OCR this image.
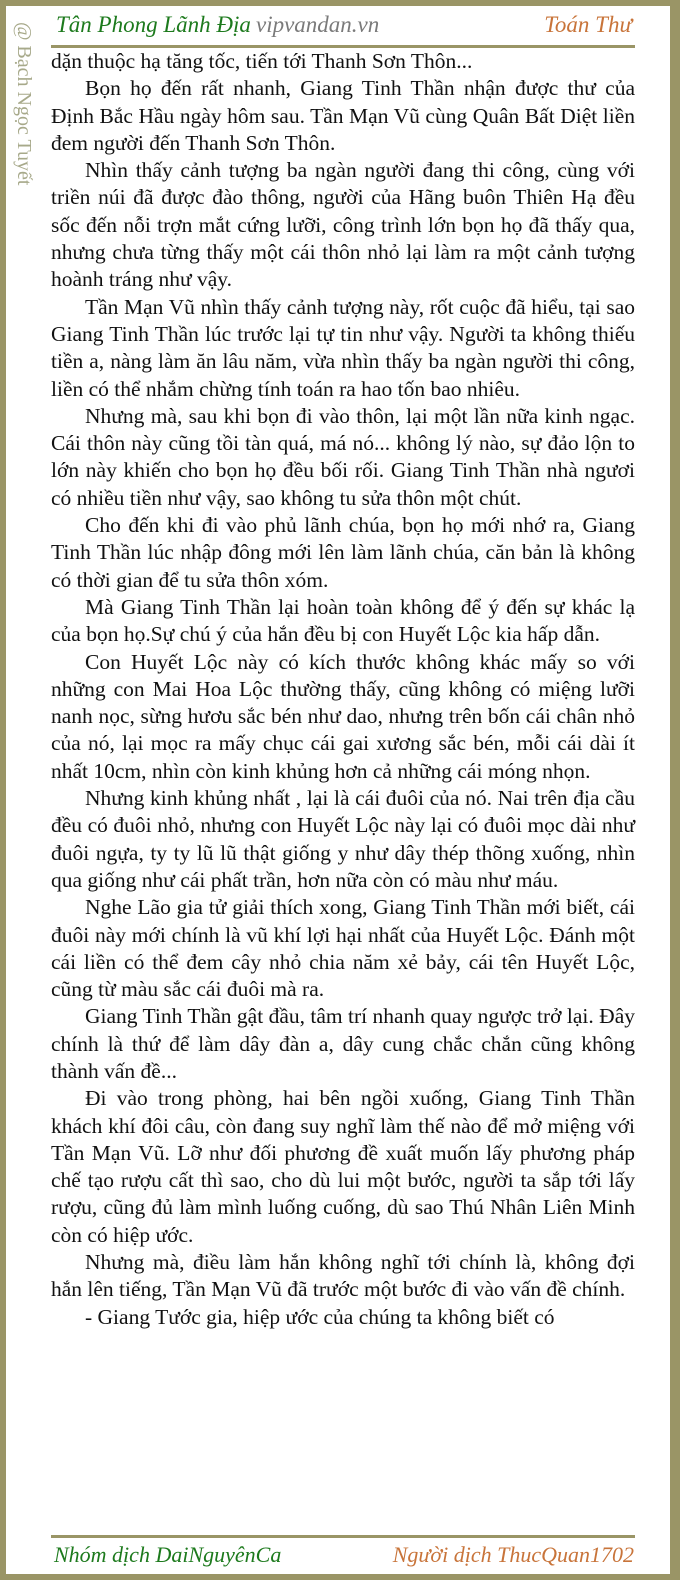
Tân Phong Lãnh Địa vipvandan.vn	Toán Thư
@ Bạch Ngọc Tuyết dặn thuộc hạ tăng tốc, tiến tới Thanh Sơn Thôn...

Bọn họ đến rất nhanh, Giang Tinh Thần nhận được thư của Định Bắc Hầu ngày hôm sau. Tần Mạn Vũ cùng Quân Bất Diệt liền đem người đến Thanh Sơn Thôn.

Nhìn thấy cảnh tượng ba ngàn người đang thi công, cùng với triền núi đã được đào thông, người của Hãng buôn Thiên Hạ đều sốc đến nỗi trợn mắt cứng lưỡi, công trình lớn bọn họ đã thấy qua, nhưng chưa từng thấy một cái thôn nhỏ lại làm ra một cảnh tượng hoành tráng như vậy.

Tần Mạn Vũ nhìn thấy cảnh tượng này, rốt cuộc đã hiểu, tại sao Giang Tinh Thần lúc trước lại tự tin như vậy. Người ta không thiếu tiền a, nàng làm ăn lâu năm, vừa nhìn thấy ba ngàn người thi công, liền có thể nhắm chừng tính toán ra hao tốn bao nhiêu.

Nhưng mà, sau khi bọn đi vào thôn, lại một lần nữa kinh ngạc. Cái thôn này cũng tồi tàn quá, má nó... không lý nào, sự đảo lộn to lớn này khiến cho bọn họ đều bối rối. Giang Tinh Thần nhà ngươi có nhiều tiền như vậy, sao không tu sửa thôn một chút.

Cho đến khi đi vào phủ lãnh chúa, bọn họ mới nhớ ra, Giang Tinh Thần lúc nhập đông mới lên làm lãnh chúa, căn bản là không có thời gian để tu sửa thôn xóm.

Mà Giang Tinh Thần lại hoàn toàn không để ý đến sự khác lạ của bọn họ.Sự chú ý của hắn đều bị con Huyết Lộc kia hấp dẫn.

Con Huyết Lộc này có kích thước không khác mấy so với những con Mai Hoa Lộc thường thấy, cũng không có miệng lưỡi nanh nọc, sừng hươu sắc bén như dao, nhưng trên bốn cái chân nhỏ của nó, lại mọc ra mấy chục cái gai xương sắc bén, mỗi cái dài ít nhất 10cm, nhìn còn kinh khủng hơn cả những cái móng nhọn.

Nhưng kinh khủng nhất , lại là cái đuôi của nó. Nai trên địa cầu đều có đuôi nhỏ, nhưng con Huyết Lộc này lại có đuôi mọc dài như đuôi ngựa, ty ty lũ lũ thật giống y như dây thép thõng xuống, nhìn qua giống như cái phất trần, hơn nữa còn có màu như máu.

Nghe Lão gia tử giải thích xong, Giang Tinh Thần mới biết, cái đuôi này mới chính là vũ khí lợi hại nhất của Huyết Lộc. Đánh một cái liền có thể đem cây nhỏ chia năm xẻ bảy, cái tên Huyết Lộc, cũng từ màu sắc cái đuôi mà ra.

Giang Tinh Thần gật đầu, tâm trí nhanh quay ngược trở lại. Đây chính là thứ để làm dây đàn a, dây cung chắc chắn cũng không thành vấn đề...

Đi vào trong phòng, hai bên ngồi xuống, Giang Tinh Thần khách khí đôi câu, còn đang suy nghĩ làm thế nào để mở miệng với Tần Mạn Vũ. Lỡ như đối phương đề xuất muốn lấy phương pháp chế tạo rượu cất thì sao, cho dù lui một bước, người ta sắp tới lấy rượu, cũng đủ làm mình luống cuống, dù sao Thú Nhân Liên Minh còn có hiệp ước.

Nhưng mà, điều làm hắn không nghĩ tới chính là, không đợi hắn lên tiếng, Tần Mạn Vũ đã trước một bước đi vào vấn đề chính.

- Giang Tước gia, hiệp ước của chúng ta không biết có

Nhóm dịch DaiNguyênCa	Người dịch ThucQuan1702
